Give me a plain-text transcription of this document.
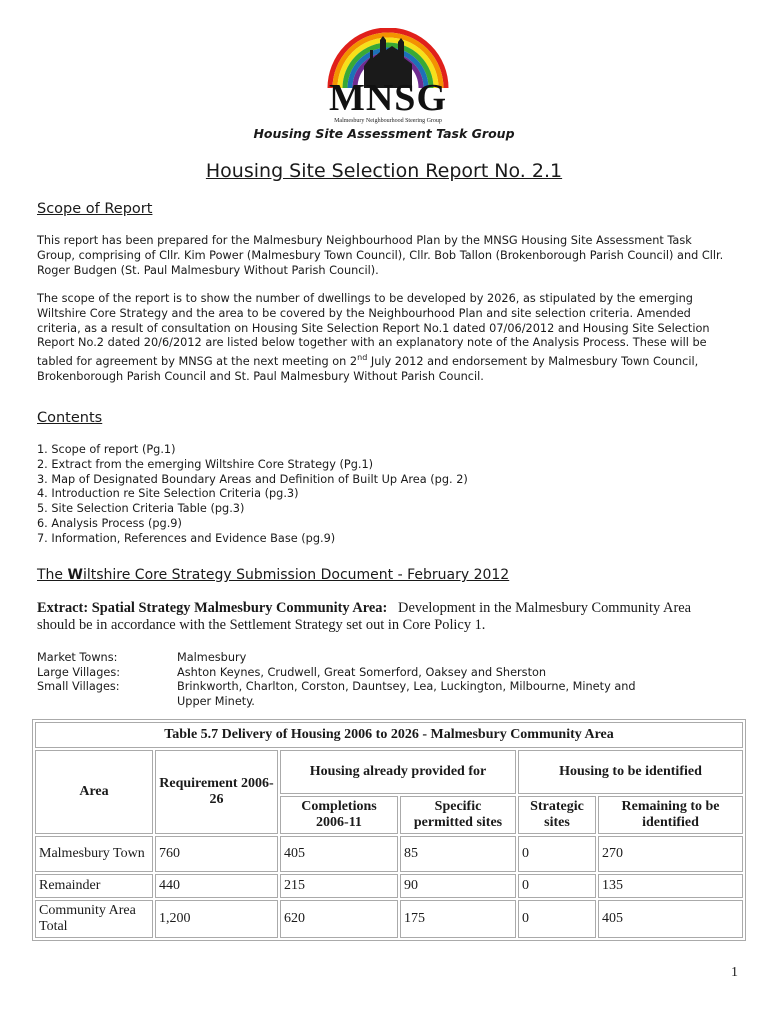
MNSG
Malmesbury Neighbourhood Steering Group
Housing Site Assessment Task Group
Housing Site Selection Report No. 2.1
Scope of Report

This report has been prepared for the Malmesbury Neighbourhood Plan by the MNSG Housing Site Assessment Task Group, comprising of Cllr. Kim Power (Malmesbury Town Council), Cllr. Bob Tallon (Brokenborough Parish Council) and Cllr. Roger Budgen (St. Paul Malmesbury Without Parish Council).

The scope of the report is to show the number of dwellings to be developed by 2026, as stipulated by the emerging Wiltshire Core Strategy and the area to be covered by the Neighbourhood Plan and site selection criteria. Amended criteria, as a result of consultation on Housing Site Selection Report No.1 dated 07/06/2012 and Housing Site Selection Report No.2 dated 20/6/2012 are listed below together with an explanatory note of the Analysis Process. These will be tabled for agreement by MNSG at the next meeting on 2nd July 2012 and endorsement by Malmesbury Town Council, Brokenborough Parish Council and St. Paul Malmesbury Without Parish Council.

Contents
1. Scope of report (Pg.1)
2. Extract from the emerging Wiltshire Core Strategy (Pg.1)
3. Map of Designated Boundary Areas and Definition of Built Up Area (pg. 2)
4. Introduction re Site Selection Criteria (pg.3)
5. Site Selection Criteria Table (pg.3)
6. Analysis Process (pg.9)
7. Information, References and Evidence Base (pg.9)
The Wiltshire Core Strategy Submission Document - February 2012
Extract: Spatial Strategy Malmesbury Community Area:   Development in the Malmesbury Community Area should be in accordance with the Settlement Strategy set out in Core Policy 1.
Market Towns:	Malmesbury
Large Villages:	Ashton Keynes, Crudwell, Great Somerford, Oaksey and Sherston
Small Villages:	Brinkworth, Charlton, Corston, Dauntsey, Lea, Luckington, Milbourne, Minety and
Upper Minety.
Table 5.7 Delivery of Housing 2006 to 2026 - Malmesbury Community Area					
Area	Requirement 2006-26	Housing already provided for		Housing to be identified	
		Completions 2006-11	Specific permitted sites	Strategic sites	Remaining to be identified
Malmesbury Town	760	405	85	0	270
Remainder	440	215	90	0	135
Community Area Total	1,200	620	175	0	405
1
